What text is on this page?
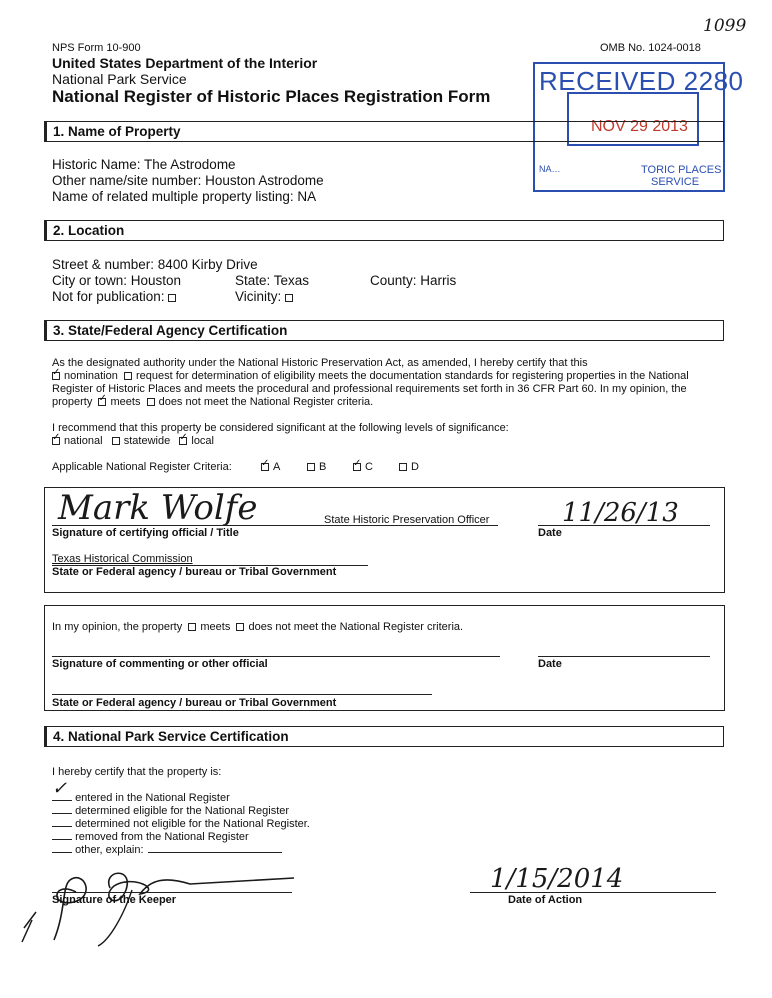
NPS Form 10-900	OMB No. 1024-0018
1099
United States Department of the Interior
National Park Service
National Register of Historic Places Registration Form
RECEIVED 2280
NOV 29 2013
NA…	TORIC PLACES
SERVICE
1. Name of Property
Historic Name: The Astrodome
Other name/site number: Houston Astrodome
Name of related multiple property listing: NA
2. Location
Street & number: 8400 Kirby Drive
City or town: Houston	State: Texas	County: Harris
Not for publication:	Vicinity:
3. State/Federal Agency Certification
As the designated authority under the National Historic Preservation Act, as amended, I hereby certify that this
✓nomination request for determination of eligibility meets the documentation standards for registering properties in the National
Register of Historic Places and meets the procedural and professional requirements set forth in 36 CFR Part 60. In my opinion, the
property ✓ meets does not meet the National Register criteria.
I recommend that this property be considered significant at the following levels of significance:
✓national statewide ✓ local
Applicable National Register Criteria: ✓	A	B ✓	C	D
Mark Wolfe	State Historic Preservation Officer	11/26/13
Signature of certifying official / Title	Date
Texas Historical Commission
State or Federal agency / bureau or Tribal Government
In my opinion, the property meets does not meet the National Register criteria.
Signature of commenting or other official	Date
State or Federal agency / bureau or Tribal Government
4. National Park Service Certification
I hereby certify that the property is:
✓ entered in the National Register
determined eligible for the National Register
determined not eligible for the National Register.
removed from the National Register
other, explain:
Signature of the Keeper
1/15/2014
Date of Action
